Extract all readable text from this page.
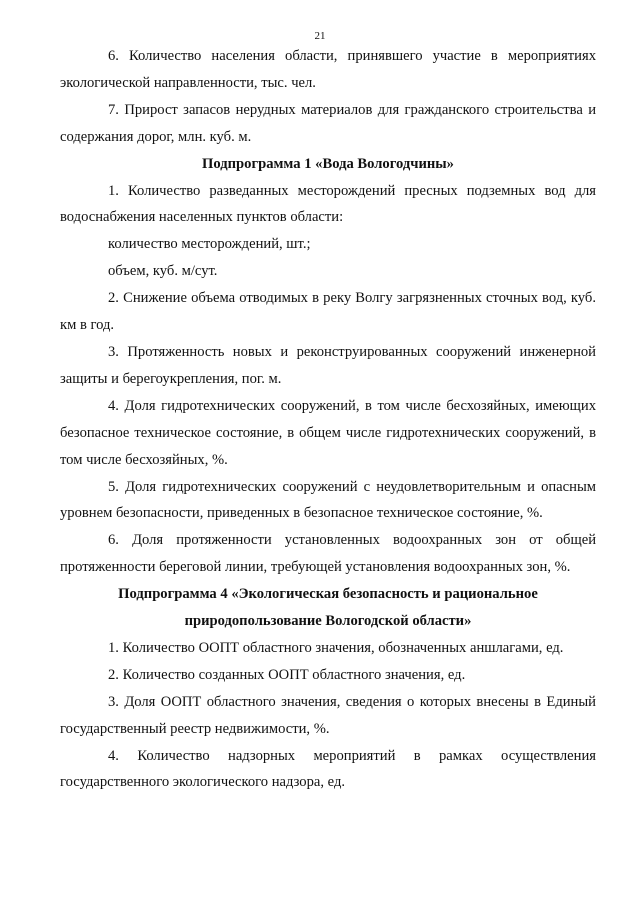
21

6. Количество населения области, принявшего участие в мероприятиях экологической направленности, тыс. чел.

7. Прирост запасов нерудных материалов для гражданского строительства и содержания дорог, млн. куб. м.

Подпрограмма 1 «Вода Вологодчины»

1. Количество разведанных месторождений пресных подземных вод для водоснабжения населенных пунктов области:

количество месторождений, шт.;

объем, куб. м/сут.

2. Снижение объема отводимых в реку Волгу загрязненных сточных вод, куб. км в год.

3. Протяженность новых и реконструированных сооружений инженерной защиты и берегоукрепления, пог. м.

4. Доля гидротехнических сооружений, в том числе бесхозяйных, имеющих безопасное техническое состояние, в общем числе гидротехнических сооружений, в том числе бесхозяйных, %.

5. Доля гидротехнических сооружений с неудовлетворительным и опасным уровнем безопасности, приведенных в безопасное техническое состояние, %.

6. Доля протяженности установленных водоохранных зон от общей протяженности береговой линии, требующей установления водоохранных зон, %.

Подпрограмма 4 «Экологическая безопасность и рациональное природопользование Вологодской области»

1. Количество ООПТ областного значения, обозначенных аншлагами, ед.

2. Количество созданных ООПТ областного значения, ед.

3. Доля ООПТ областного значения, сведения о которых внесены в Единый государственный реестр недвижимости, %.

4. Количество надзорных мероприятий в рамках осуществления государственного экологического надзора, ед.
